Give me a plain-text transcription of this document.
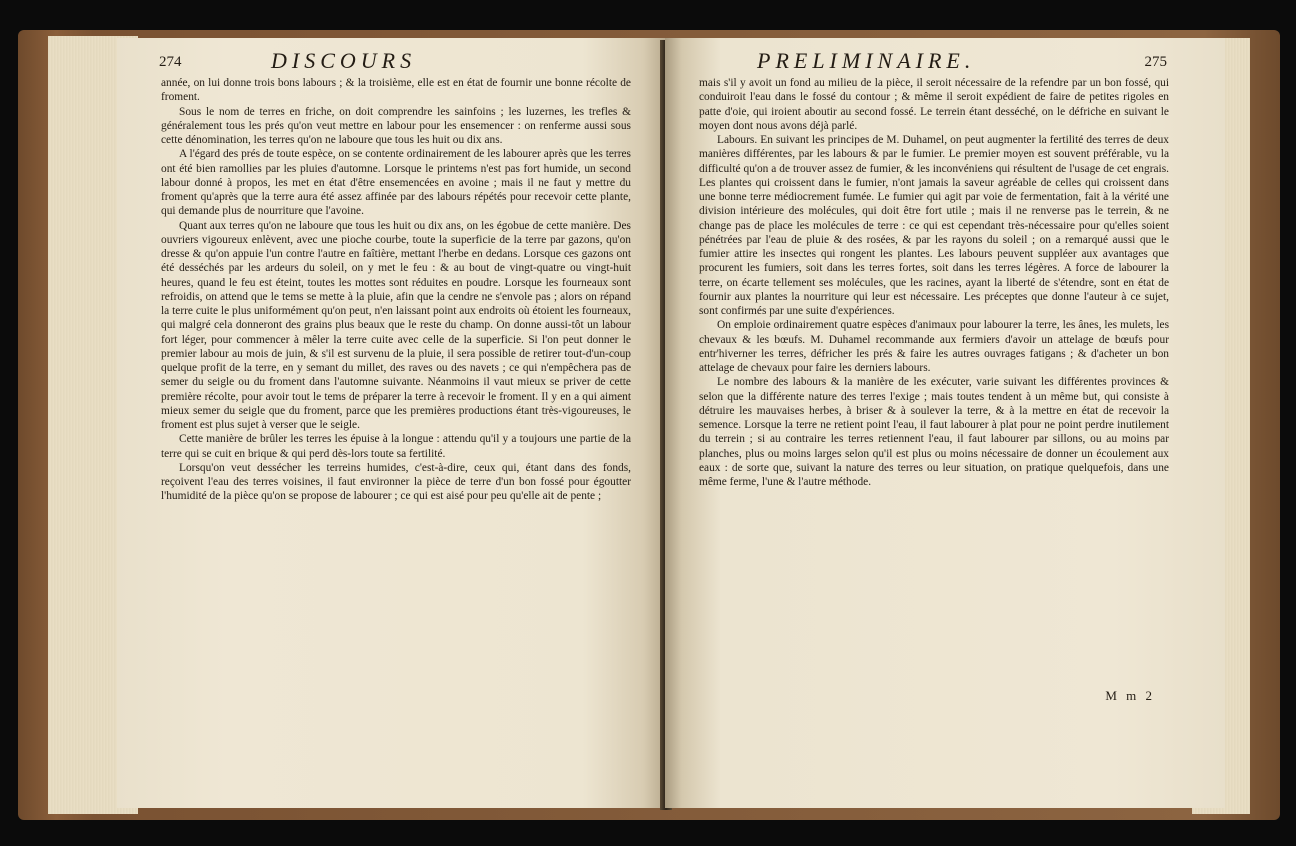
274	DISCOURS

année, on lui donne trois bons labours ; & la troisième, elle est en état de fournir une bonne récolte de froment.

Sous le nom de terres en friche, on doit comprendre les sainfoins ; les luzernes, les trefles & généralement tous les prés qu'on veut mettre en labour pour les ensemencer : on renferme aussi sous cette dénomination, les terres qu'on ne laboure que tous les huit ou dix ans.

A l'égard des prés de toute espèce, on se contente ordinairement de les labourer après que les terres ont été bien ramollies par les pluies d'automne. Lorsque le printems n'est pas fort humide, un second labour donné à propos, les met en état d'être ensemencées en avoine ; mais il ne faut y mettre du froment qu'après que la terre aura été assez affinée par des labours répétés pour recevoir cette plante, qui demande plus de nourriture que l'avoine.

Quant aux terres qu'on ne laboure que tous les huit ou dix ans, on les égobue de cette manière. Des ouvriers vigoureux enlèvent, avec une pioche courbe, toute la superficie de la terre par gazons, qu'on dresse & qu'on appuie l'un contre l'autre en faîtière, mettant l'herbe en dedans. Lorsque ces gazons ont été desséchés par les ardeurs du soleil, on y met le feu : & au bout de vingt-quatre ou vingt-huit heures, quand le feu est éteint, toutes les mottes sont réduites en poudre. Lorsque les fourneaux sont refroidis, on attend que le tems se mette à la pluie, afin que la cendre ne s'envole pas ; alors on répand la terre cuite le plus uniformément qu'on peut, n'en laissant point aux endroits où étoient les fourneaux, qui malgré cela donneront des grains plus beaux que le reste du champ. On donne aussi-tôt un labour fort léger, pour commencer à mêler la terre cuite avec celle de la superficie. Si l'on peut donner le premier labour au mois de juin, & s'il est survenu de la pluie, il sera possible de retirer tout-d'un-coup quelque profit de la terre, en y semant du millet, des raves ou des navets ; ce qui n'empêchera pas de semer du seigle ou du froment dans l'automne suivante. Néanmoins il vaut mieux se priver de cette première récolte, pour avoir tout le tems de préparer la terre à recevoir le froment. Il y en a qui aiment mieux semer du seigle que du froment, parce que les premières productions étant très-vigoureuses, le froment est plus sujet à verser que le seigle.

Cette manière de brûler les terres les épuise à la longue : attendu qu'il y a toujours une partie de la terre qui se cuit en brique & qui perd dès-lors toute sa fertilité.

Lorsqu'on veut dessécher les terreins humides, c'est-à-dire, ceux qui, étant dans des fonds, reçoivent l'eau des terres voisines, il faut environner la pièce de terre d'un bon fossé pour égoutter l'humidité de la pièce qu'on se propose de labourer ; ce qui est aisé pour peu qu'elle ait de pente ;

PRELIMINAIRE.	275

mais s'il y avoit un fond au milieu de la pièce, il seroit nécessaire de la refendre par un bon fossé, qui conduiroit l'eau dans le fossé du contour ; & même il seroit expédient de faire de petites rigoles en patte d'oie, qui iroient aboutir au second fossé. Le terrein étant desséché, on le défriche en suivant le moyen dont nous avons déjà parlé.

Labours. En suivant les principes de M. Duhamel, on peut augmenter la fertilité des terres de deux manières différentes, par les labours & par le fumier. Le premier moyen est souvent préférable, vu la difficulté qu'on a de trouver assez de fumier, & les inconvéniens qui résultent de l'usage de cet engrais. Les plantes qui croissent dans le fumier, n'ont jamais la saveur agréable de celles qui croissent dans une bonne terre médiocrement fumée. Le fumier qui agit par voie de fermentation, fait à la vérité une division intérieure des molécules, qui doit être fort utile ; mais il ne renverse pas le terrein, & ne change pas de place les molécules de terre : ce qui est cependant très-nécessaire pour qu'elles soient pénétrées par l'eau de pluie & des rosées, & par les rayons du soleil ; on a remarqué aussi que le fumier attire les insectes qui rongent les plantes. Les labours peuvent suppléer aux avantages que procurent les fumiers, soit dans les terres fortes, soit dans les terres légères. A force de labourer la terre, on écarte tellement ses molécules, que les racines, ayant la liberté de s'étendre, sont en état de fournir aux plantes la nourriture qui leur est nécessaire. Les préceptes que donne l'auteur à ce sujet, sont confirmés par une suite d'expériences.

On emploie ordinairement quatre espèces d'animaux pour labourer la terre, les ânes, les mulets, les chevaux & les bœufs. M. Duhamel recommande aux fermiers d'avoir un attelage de bœufs pour entr'hiverner les terres, défricher les prés & faire les autres ouvrages fatigans ; & d'acheter un bon attelage de chevaux pour faire les derniers labours.

Le nombre des labours & la manière de les exécuter, varie suivant les différentes provinces & selon que la différente nature des terres l'exige ; mais toutes tendent à un même but, qui consiste à détruire les mauvaises herbes, à briser & à soulever la terre, & à la mettre en état de recevoir la semence. Lorsque la terre ne retient point l'eau, il faut labourer à plat pour ne point perdre inutilement du terrein ; si au contraire les terres retiennent l'eau, il faut labourer par sillons, ou au moins par planches, plus ou moins larges selon qu'il est plus ou moins nécessaire de donner un écoulement aux eaux : de sorte que, suivant la nature des terres ou leur situation, on pratique quelquefois, dans une même ferme, l'une & l'autre méthode.

M m 2
